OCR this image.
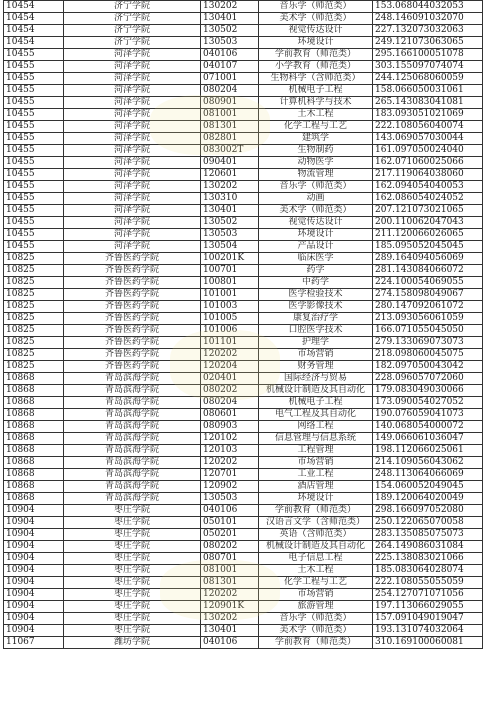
10454	济宁学院	130202	音乐学（师范类）	153.068044032053
10454	济宁学院	130401	美术学（师范类）	248.146091032070
10454	济宁学院	130502	视觉传达设计	227.132073032063
10454	济宁学院	130503	环境设计	249.121073063065
10455	菏泽学院	040106	学前教育（师范类）	295.166100051078
10455	菏泽学院	040107	小学教育（师范类）	303.155097074074
10455	菏泽学院	071001	生物科学（含师范类）	244.125068060059
10455	菏泽学院	080204	机械电子工程	158.066050031061
10455	菏泽学院	080901	计算机科学与技术	265.143083041081
10455	菏泽学院	081001	土木工程	183.093051021069
10455	菏泽学院	081301	化学工程与工艺	222.108056040074
10455	菏泽学院	082801	建筑学	143.069057030044
10455	菏泽学院	083002T	生物制药	161.097050024040
10455	菏泽学院	090401	动物医学	162.071060025066
10455	菏泽学院	120601	物流管理	217.119064038060
10455	菏泽学院	130202	音乐学（师范类）	162.094054040053
10455	菏泽学院	130310	动画	162.086054024052
10455	菏泽学院	130401	美术学（师范类）	207.121073021065
10455	菏泽学院	130502	视觉传达设计	200.110062047043
10455	菏泽学院	130503	环境设计	211.120066026065
10455	菏泽学院	130504	产品设计	185.095052045045
10825	齐鲁医药学院	100201K	临床医学	289.164094056069
10825	齐鲁医药学院	100701	药学	281.143084066072
10825	齐鲁医药学院	100801	中药学	224.100054069055
10825	齐鲁医药学院	101001	医学检验技术	274.158098049067
10825	齐鲁医药学院	101003	医学影像技术	280.147092061072
10825	齐鲁医药学院	101005	康复治疗学	213.093056061059
10825	齐鲁医药学院	101006	口腔医学技术	166.071055045050
10825	齐鲁医药学院	101101	护理学	279.133069073073
10825	齐鲁医药学院	120202	市场营销	218.098060045075
10825	齐鲁医药学院	120204	财务管理	182.097050043042
10868	青岛滨海学院	020401	国际经济与贸易	228.096057072060
10868	青岛滨海学院	080202	机械设计制造及其自动化	179.083049030066
10868	青岛滨海学院	080204	机械电子工程	173.090054027052
10868	青岛滨海学院	080601	电气工程及其自动化	190.076059041073
10868	青岛滨海学院	080903	网络工程	140.068054000072
10868	青岛滨海学院	120102	信息管理与信息系统	149.066061036047
10868	青岛滨海学院	120103	工程管理	198.112066025061
10868	青岛滨海学院	120202	市场营销	214.109056043062
10868	青岛滨海学院	120701	工业工程	248.113064066069
10868	青岛滨海学院	120902	酒店管理	154.060052049045
10868	青岛滨海学院	130503	环境设计	189.120064020049
10904	枣庄学院	040106	学前教育（师范类）	298.166097052080
10904	枣庄学院	050101	汉语言文学（含师范类）	250.122065070058
10904	枣庄学院	050201	英语（含师范类）	283.135085075073
10904	枣庄学院	080202	机械设计制造及其自动化	264.149086031084
10904	枣庄学院	080701	电子信息工程	225.138083021066
10904	枣庄学院	081001	土木工程	185.083064028074
10904	枣庄学院	081301	化学工程与工艺	222.108055055059
10904	枣庄学院	120202	市场营销	254.127071071056
10904	枣庄学院	120901K	旅游管理	197.113066029055
10904	枣庄学院	130202	音乐学（师范类）	157.091049019047
10904	枣庄学院	130401	美术学（师范类）	193.131074032064
11067	潍坊学院	040106	学前教育（师范类）	310.169100060081
